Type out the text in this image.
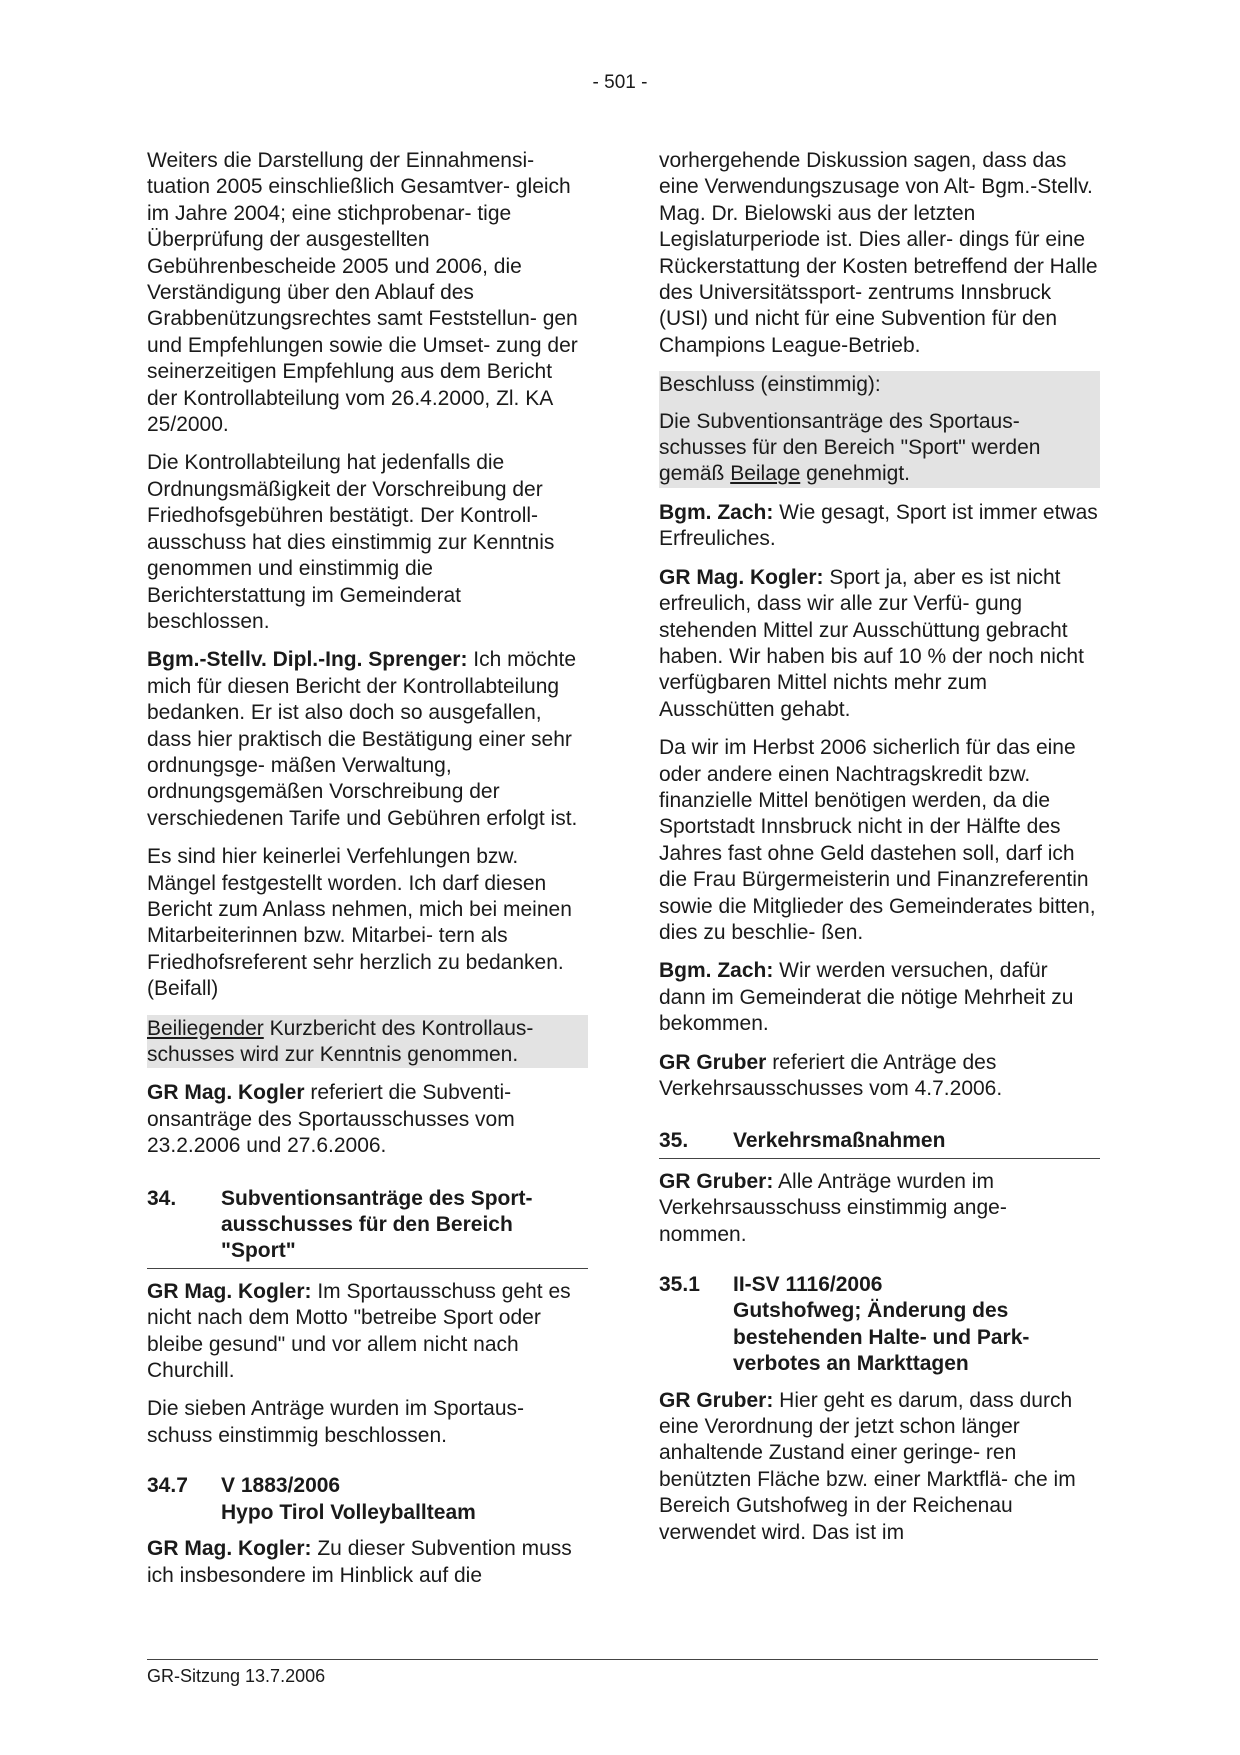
- 501 -

Weiters die Darstellung der Einnahmensi- tuation 2005 einschließlich Gesamtver- gleich im Jahre 2004; eine stichprobenar- tige Überprüfung der ausgestellten Gebührenbescheide 2005 und 2006, die Verständigung über den Ablauf des Grabbenützungsrechtes samt Feststellun- gen und Empfehlungen sowie die Umset- zung der seinerzeitigen Empfehlung aus dem Bericht der Kontrollabteilung vom 26.4.2000, Zl. KA 25/2000.

Die Kontrollabteilung hat jedenfalls die Ordnungsmäßigkeit der Vorschreibung der Friedhofsgebühren bestätigt. Der Kontroll- ausschuss hat dies einstimmig zur Kenntnis genommen und einstimmig die Berichterstattung im Gemeinderat beschlossen.

Bgm.-Stellv. Dipl.-Ing. Sprenger: Ich möchte mich für diesen Bericht der Kontrollabteilung bedanken. Er ist also doch so ausgefallen, dass hier praktisch die Bestätigung einer sehr ordnungsge- mäßen Verwaltung, ordnungsgemäßen Vorschreibung der verschiedenen Tarife und Gebühren erfolgt ist.

Es sind hier keinerlei Verfehlungen bzw. Mängel festgestellt worden. Ich darf diesen Bericht zum Anlass nehmen, mich bei meinen Mitarbeiterinnen bzw. Mitarbei- tern als Friedhofsreferent sehr herzlich zu bedanken. (Beifall)

Beiliegender Kurzbericht des Kontrollaus- schusses wird zur Kenntnis genommen.

GR Mag. Kogler referiert die Subventi- onsanträge des Sportausschusses vom 23.2.2006 und 27.6.2006.

34.	Subventionsanträge des Sport- ausschusses für den Bereich "Sport"

GR Mag. Kogler: Im Sportausschuss geht es nicht nach dem Motto "betreibe Sport oder bleibe gesund" und vor allem nicht nach Churchill.

Die sieben Anträge wurden im Sportaus- schuss einstimmig beschlossen.

34.7	V 1883/2006
Hypo Tirol Volleyballteam

GR Mag. Kogler: Zu dieser Subvention muss ich insbesondere im Hinblick auf die

vorhergehende Diskussion sagen, dass das eine Verwendungszusage von Alt- Bgm.-Stellv. Mag. Dr. Bielowski aus der letzten Legislaturperiode ist. Dies aller- dings für eine Rückerstattung der Kosten betreffend der Halle des Universitätssport- zentrums Innsbruck (USI) und nicht für eine Subvention für den Champions League-Betrieb.

Beschluss (einstimmig):

Die Subventionsanträge des Sportaus- schusses für den Bereich "Sport" werden gemäß Beilage genehmigt.

Bgm. Zach: Wie gesagt, Sport ist immer etwas Erfreuliches.

GR Mag. Kogler: Sport ja, aber es ist nicht erfreulich, dass wir alle zur Verfü- gung stehenden Mittel zur Ausschüttung gebracht haben. Wir haben bis auf 10 % der noch nicht verfügbaren Mittel nichts mehr zum Ausschütten gehabt.

Da wir im Herbst 2006 sicherlich für das eine oder andere einen Nachtragskredit bzw. finanzielle Mittel benötigen werden, da die Sportstadt Innsbruck nicht in der Hälfte des Jahres fast ohne Geld dastehen soll, darf ich die Frau Bürgermeisterin und Finanzreferentin sowie die Mitglieder des Gemeinderates bitten, dies zu beschlie- ßen.

Bgm. Zach: Wir werden versuchen, dafür dann im Gemeinderat die nötige Mehrheit zu bekommen.

GR Gruber referiert die Anträge des Verkehrsausschusses vom 4.7.2006.

35.	Verkehrsmaßnahmen

GR Gruber: Alle Anträge wurden im Verkehrsausschuss einstimmig ange- nommen.

35.1	II-SV 1116/2006
Gutshofweg; Änderung des bestehenden Halte- und Park- verbotes an Markttagen

GR Gruber: Hier geht es darum, dass durch eine Verordnung der jetzt schon länger anhaltende Zustand einer geringe- ren benützten Fläche bzw. einer Marktflä- che im Bereich Gutshofweg in der Reichenau verwendet wird. Das ist im

GR-Sitzung 13.7.2006
